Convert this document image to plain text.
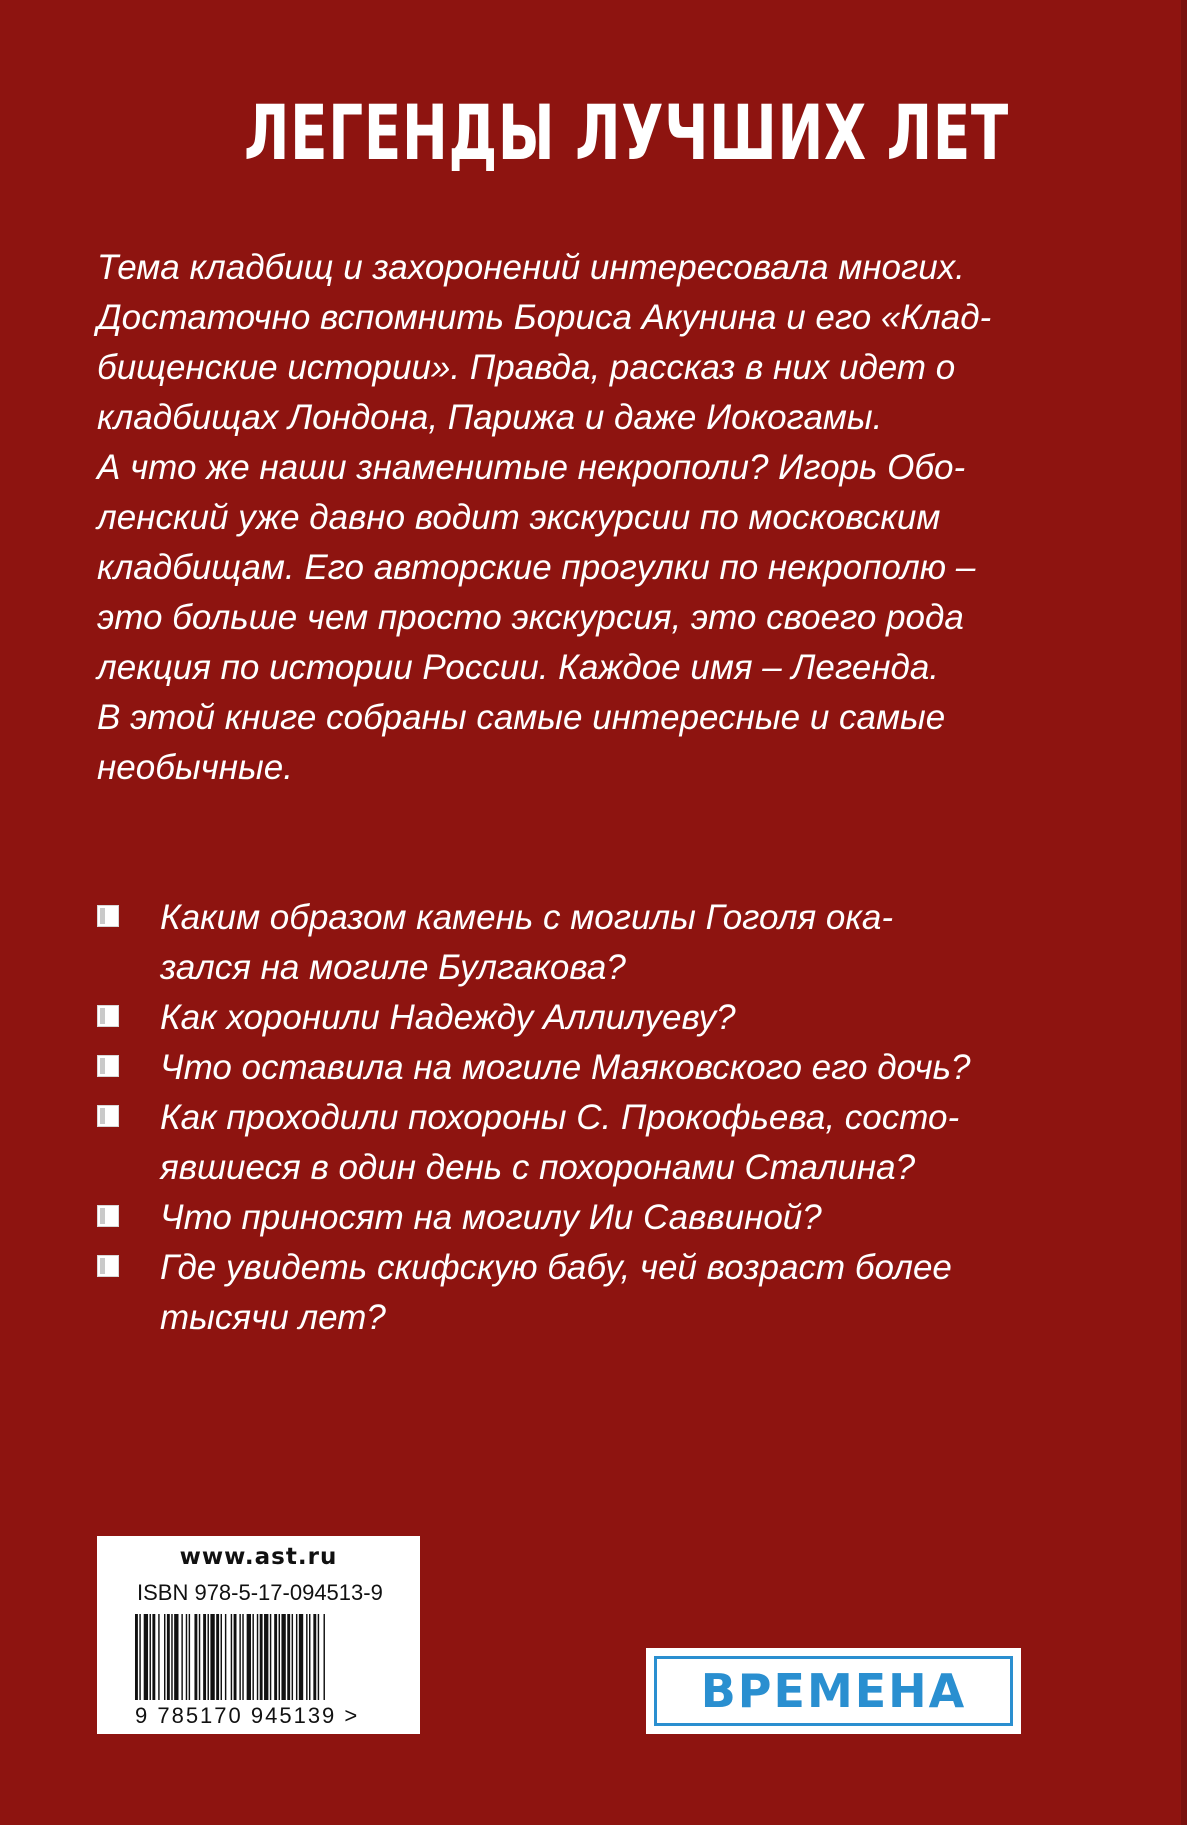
ЛЕГЕНДЫ ЛУЧШИХ ЛЕТ
Тема кладбищ и захоронений интересовала многих.
Достаточно вспомнить Бориса Акунина и его «Клад-
бищенские истории». Правда, рассказ в них идет о
кладбищах Лондона, Парижа и даже Иокогамы.
А что же наши знаменитые некрополи? Игорь Обо-
ленский уже давно водит экскурсии по московским
кладбищам. Его авторские прогулки по некрополю –
это больше чем просто экскурсия, это своего рода
лекция по истории России. Каждое имя – Легенда.
В этой книге собраны самые интересные и самые
необычные.
Каким образом камень с могилы Гоголя ока-
зался на могиле Булгакова?
Как хоронили Надежду Аллилуеву?
Что оставила на могиле Маяковского его дочь?
Как проходили похороны С. Прокофьева, состо-
явшиеся в один день с похоронами Сталина?
Что приносят на могилу Ии Саввиной?
Где увидеть скифскую бабу, чей возраст более
тысячи лет?
www.ast.ru
ISBN 978-5-17-094513-9
9 785170 945139 >	ВРЕМЕНА
